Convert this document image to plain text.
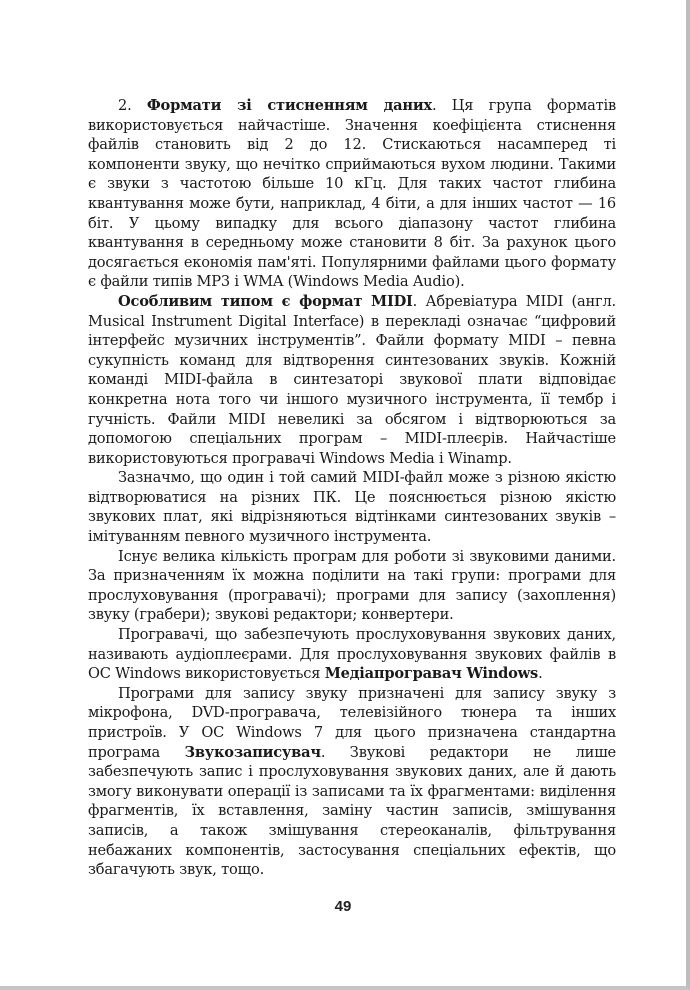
2. Формати зі стисненням даних. Ця група форматів використовується найчастіше. Значення коефіцієнта стиснення файлів становить від 2 до 12. Стискаються насамперед ті компоненти звуку, що нечітко сприймаються вухом людини. Такими є звуки з частотою більше 10 кГц. Для таких частот глибина квантування може бути, наприклад, 4 біти, а для інших частот — 16 біт. У цьому випадку для всього діапазону частот глибина квантування в середньому може становити 8 біт. За рахунок цього досягається економія пам'яті. Популярними файлами цього формату є файли типів MP3 і WMA (Windows Media Audio).

Особливим типом є формат MIDI. Абревіатура MIDI (англ. Musical Instrument Digital Interface) в перекладі означає “цифровий інтерфейс музичних інструментів”. Файли формату MIDI – певна сукупність команд для відтворення синтезованих звуків. Кожній команді MIDI-файла в синтезаторі звукової плати відповідає конкретна нота того чи іншого музичного інструмента, її тембр і гучність. Файли MIDI невеликі за обсягом і відтворюються за допомогою спеціальних програм – MIDI-плеєрів. Найчастіше використовуються програвачі Windows Media і Winamp.

Зазначмо, що один і той самий MIDI-файл може з різною якістю відтворюватися на різних ПК. Це пояснюється різною якістю звукових плат, які відрізняються відтінками синтезованих звуків – імітуванням певного музичного інструмента.

Існує велика кількість програм для роботи зі звуковими даними. За призначенням їх можна поділити на такі групи: програми для прослуховування (програвачі); програми для запису (захоплення) звуку (грабери); звукові редактори; конвертери.

Програвачі, що забезпечують прослуховування звукових даних, називають аудіоплеєрами. Для прослуховування звукових файлів в ОС Windows використовується Медіапрогравач Windows.

Програми для запису звуку призначені для запису звуку з мікрофона, DVD-програвача, телевізійного тюнера та інших пристроїв. У ОС Windows 7 для цього призначена стандартна програма Звукозаписувач. Звукові редактори не лише забезпечують запис і прослуховування звукових даних, але й дають змогу виконувати операції із записами та їх фрагментами: виділення фрагментів, їх вставлення, заміну частин записів, змішування записів, а також змішування стереоканалів, фільтрування небажаних компонентів, застосування спеціальних ефектів, що збагачують звук, тощо.

49
